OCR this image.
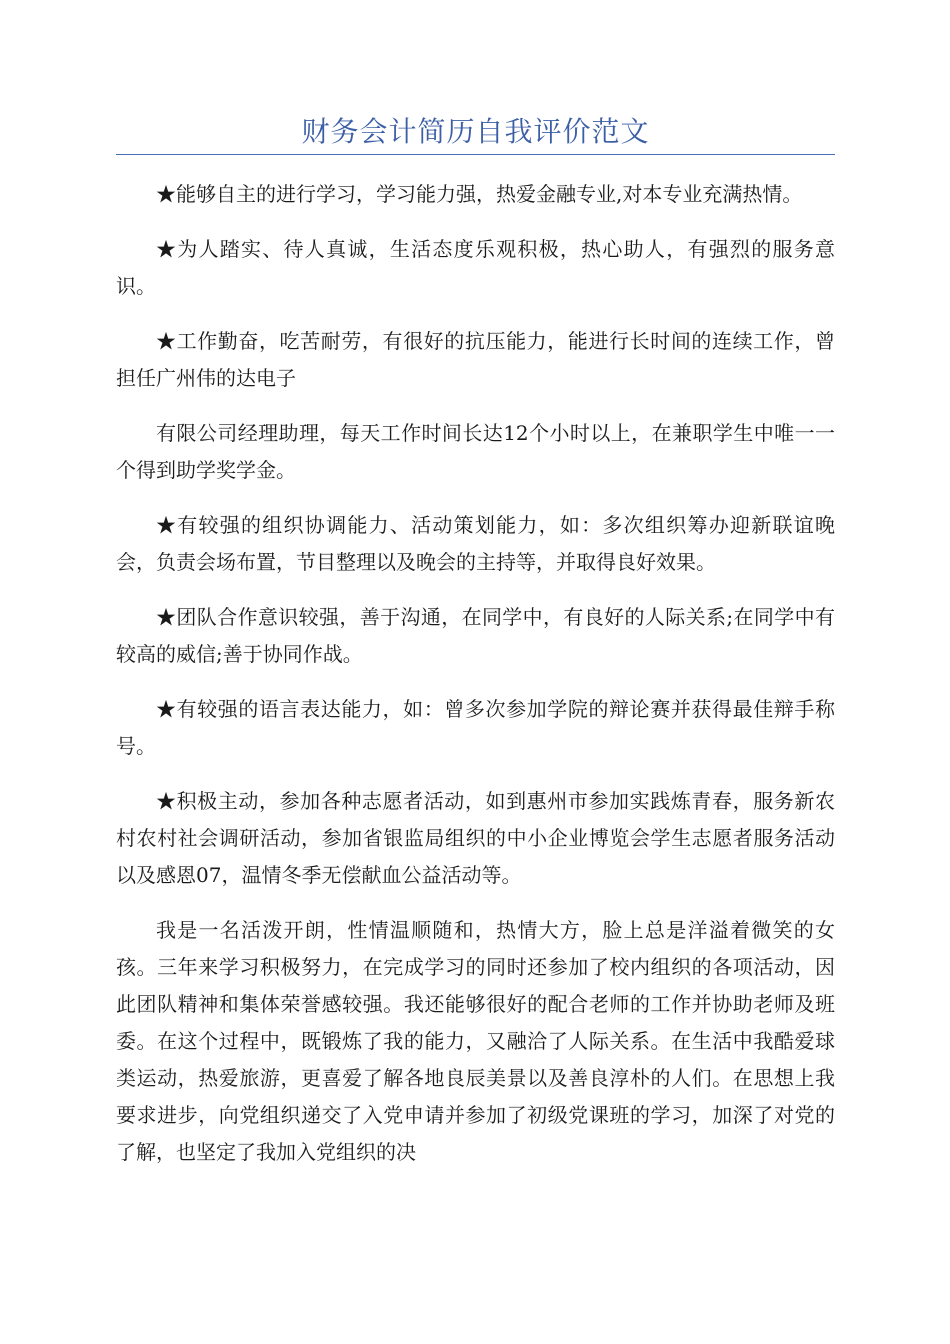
财务会计简历自我评价范文

★能够自主的进行学习，学习能力强，热爱金融专业,对本专业充满热情。

★为人踏实、待人真诚，生活态度乐观积极，热心助人，有强烈的服务意识。

★工作勤奋，吃苦耐劳，有很好的抗压能力，能进行长时间的连续工作，曾担任广州伟的达电子

有限公司经理助理，每天工作时间长达12个小时以上，在兼职学生中唯一一个得到助学奖学金。

★有较强的组织协调能力、活动策划能力，如：多次组织筹办迎新联谊晚会，负责会场布置，节目整理以及晚会的主持等，并取得良好效果。

★团队合作意识较强，善于沟通，在同学中，有良好的人际关系;在同学中有较高的威信;善于协同作战。

★有较强的语言表达能力，如：曾多次参加学院的辩论赛并获得最佳辩手称号。

★积极主动，参加各种志愿者活动，如到惠州市参加实践炼青春，服务新农村农村社会调研活动，参加省银监局组织的中小企业博览会学生志愿者服务活动以及感恩07，温情冬季无偿献血公益活动等。

我是一名活泼开朗，性情温顺随和，热情大方，脸上总是洋溢着微笑的女孩。三年来学习积极努力，在完成学习的同时还参加了校内组织的各项活动，因此团队精神和集体荣誉感较强。我还能够很好的配合老师的工作并协助老师及班委。在这个过程中，既锻炼了我的能力，又融洽了人际关系。在生活中我酷爱球类运动，热爱旅游，更喜爱了解各地良辰美景以及善良淳朴的人们。在思想上我要求进步，向党组织递交了入党申请并参加了初级党课班的学习，加深了对党的了解，也坚定了我加入党组织的决
